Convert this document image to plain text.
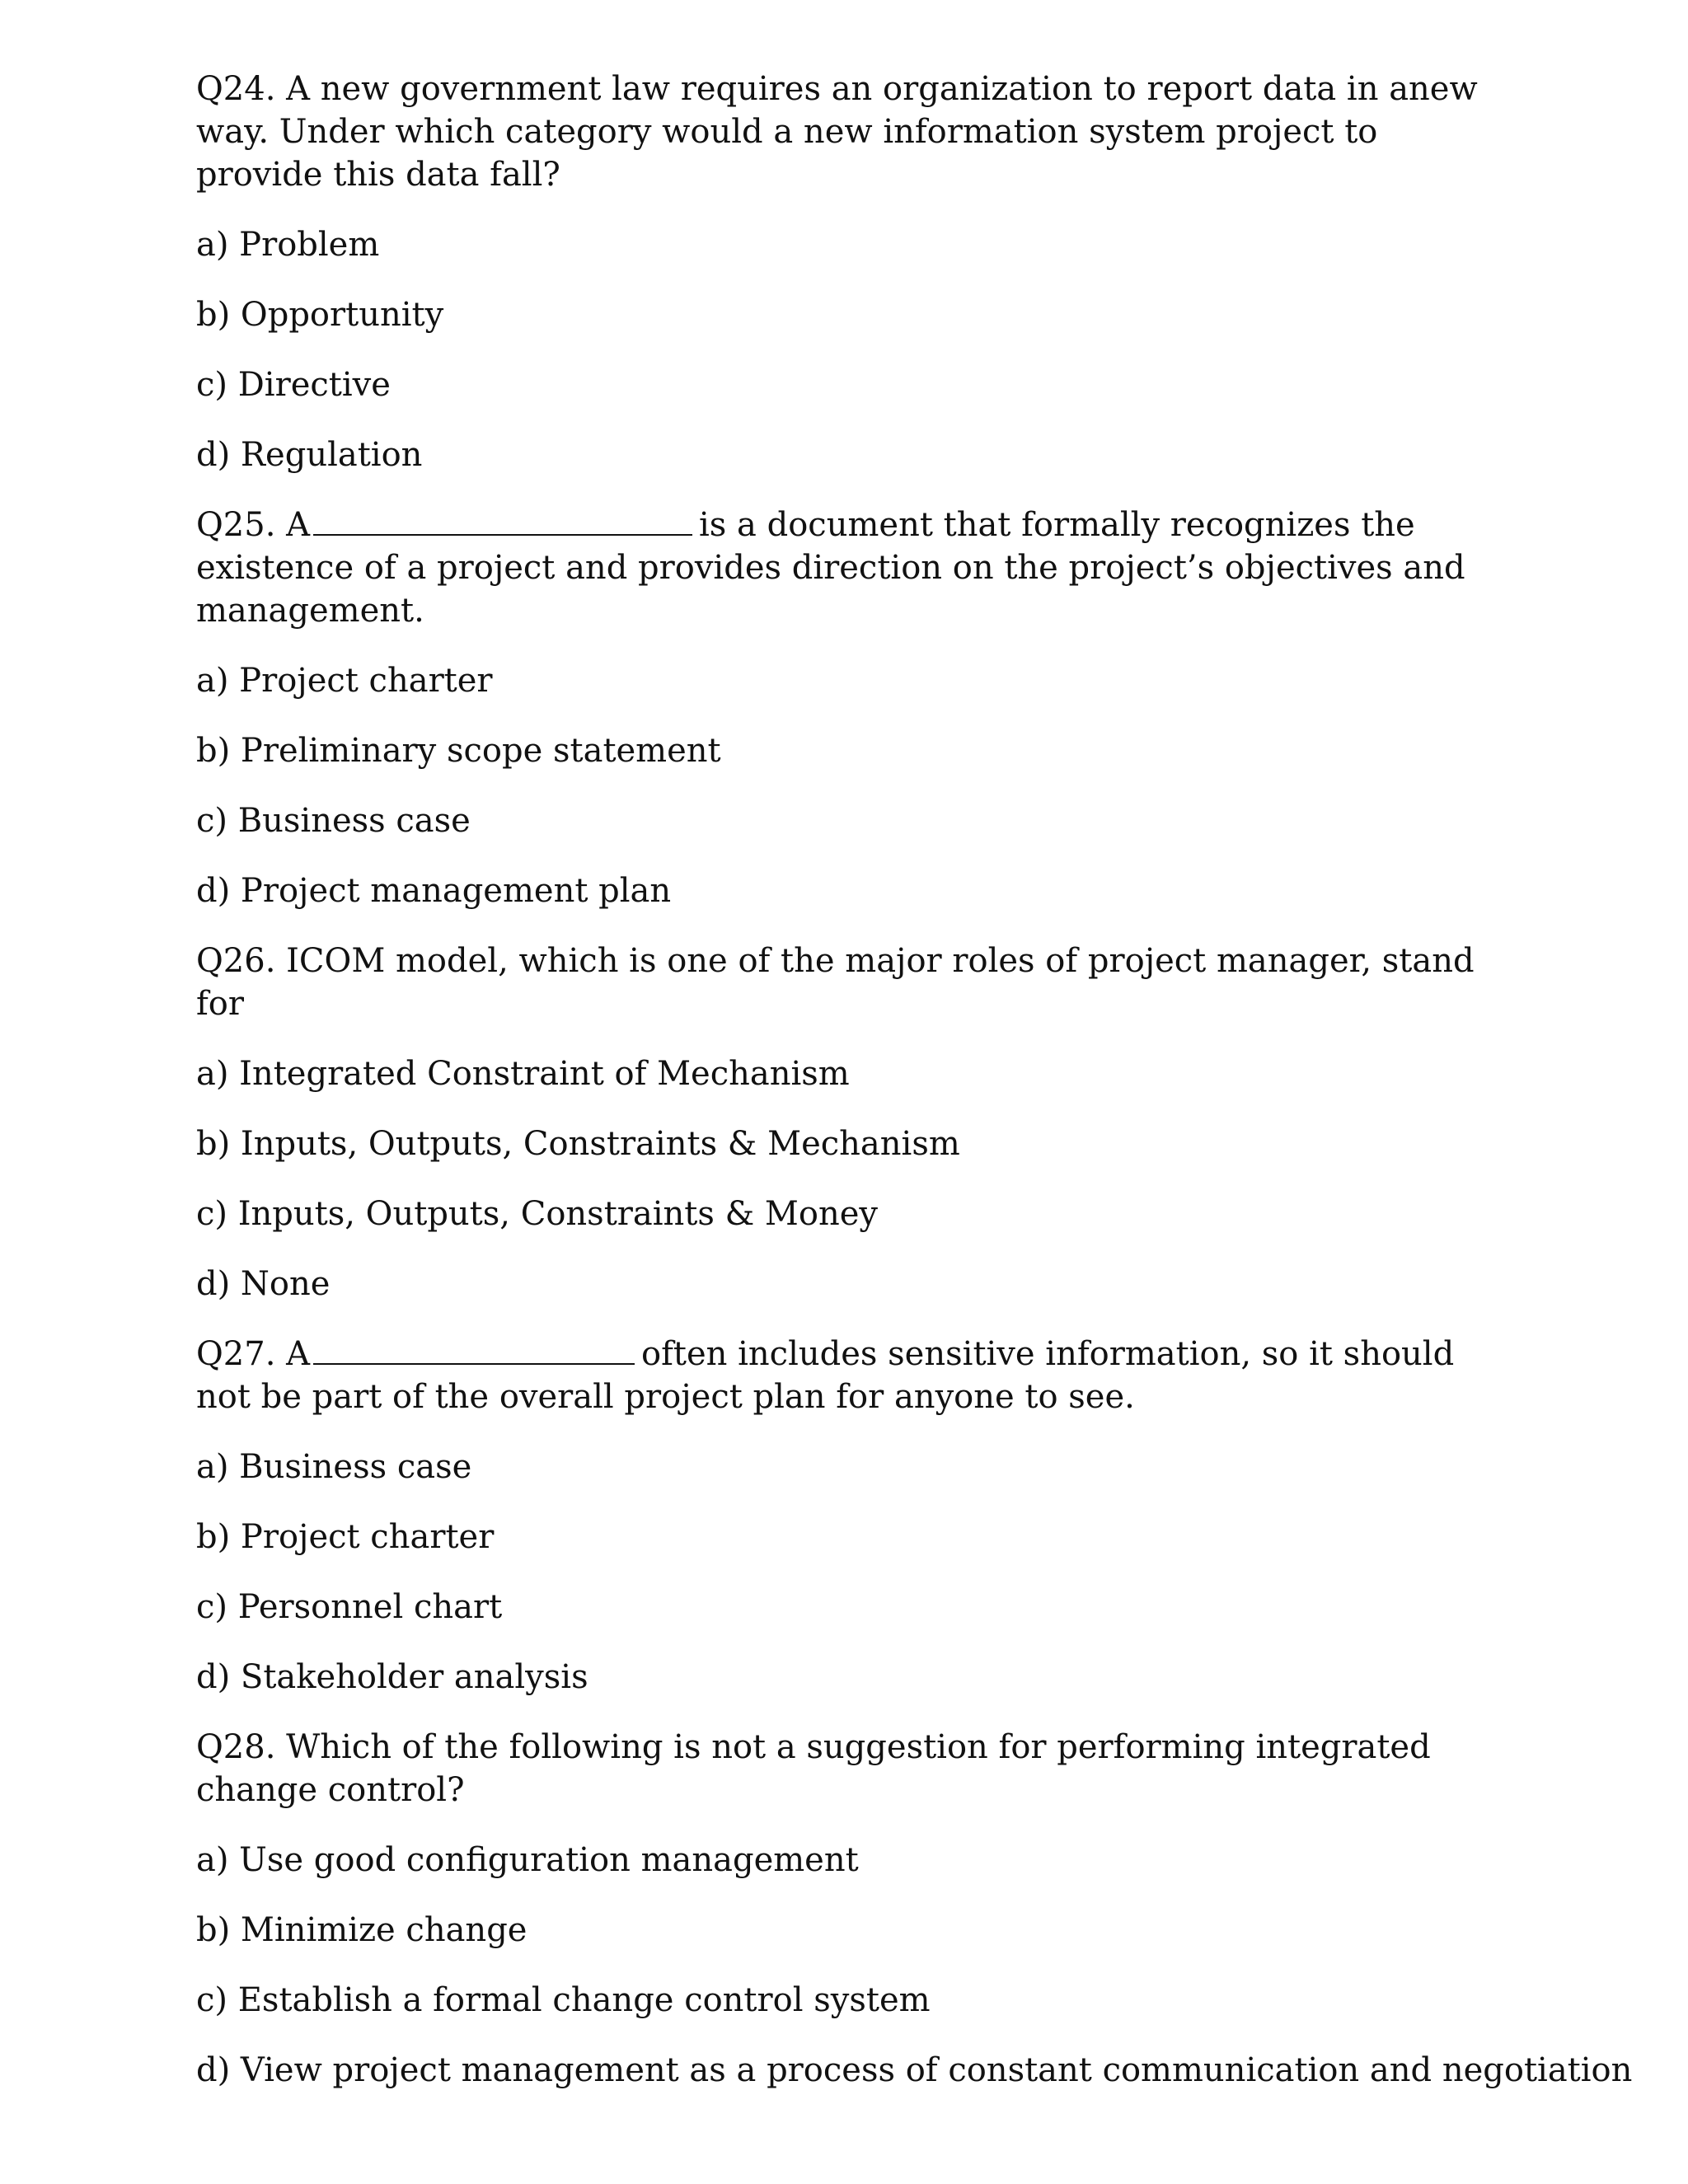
Q24. A new government law requires an organization to report data in anew way. Under which category would a new information system project to provide this data fall?

a) Problem
b) Opportunity
c) Directive
d) Regulation

Q25. A	is a document that formally recognizes the existence of a project and provides direction on the project’s objectives and management.

a) Project charter
b) Preliminary scope statement
c) Business case
d) Project management plan

Q26. ICOM model, which is one of the major roles of project manager, stand for

a) Integrated Constraint of Mechanism
b) Inputs, Outputs, Constraints & Mechanism
c) Inputs, Outputs, Constraints & Money
d) None

Q27. A	often includes sensitive information, so it should not be part of the overall project plan for anyone to see.

a) Business case
b) Project charter
c) Personnel chart
d) Stakeholder analysis

Q28. Which of the following is not a suggestion for performing integrated change control?

a) Use good configuration management
b) Minimize change
c) Establish a formal change control system
d) View project management as a process of constant communication and negotiation
